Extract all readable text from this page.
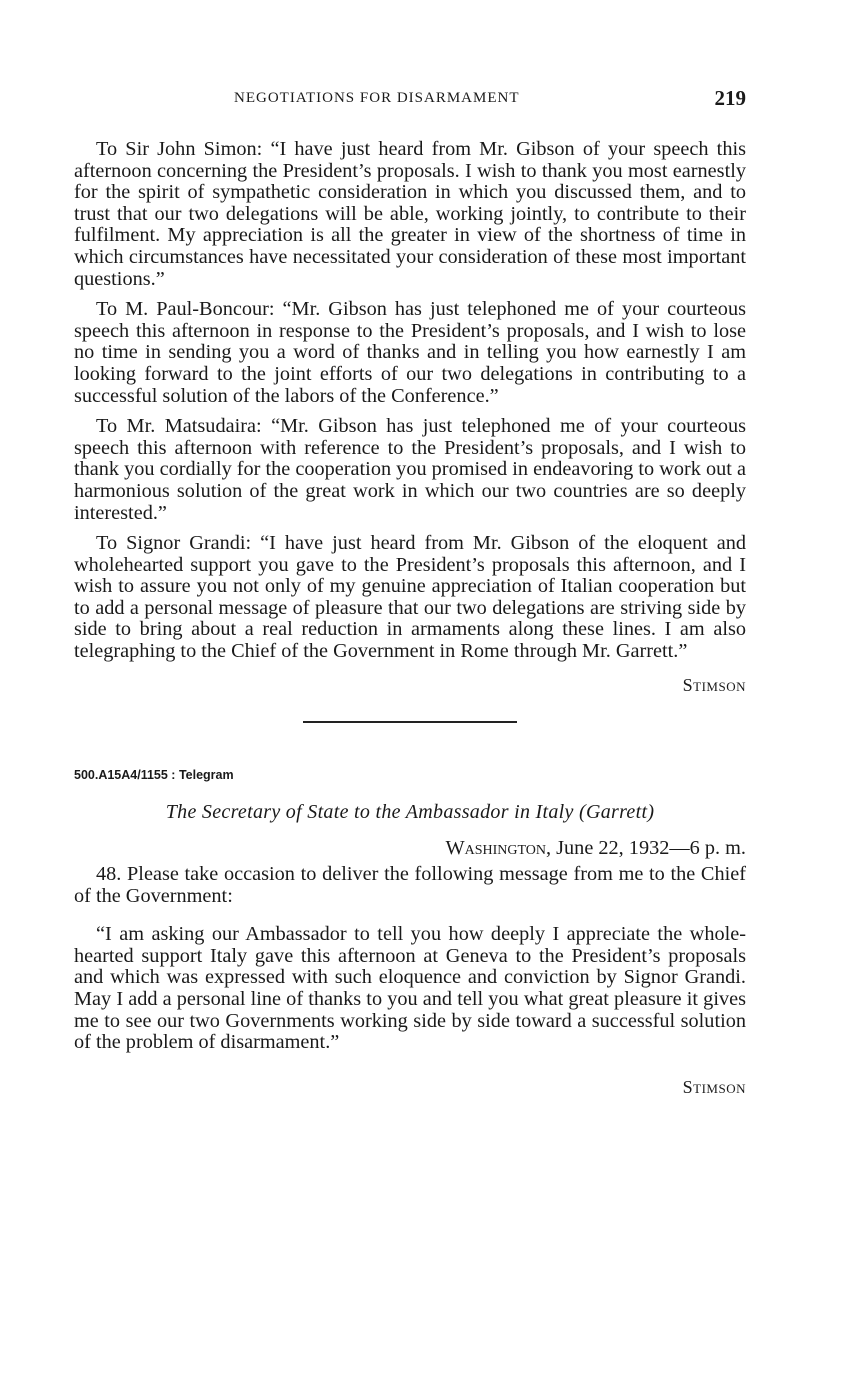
NEGOTIATIONS FOR DISARMAMENT	219

To Sir John Simon: “I have just heard from Mr. Gibson of your speech this afternoon concerning the President’s proposals. I wish to thank you most earnestly for the spirit of sympathetic consideration in which you discussed them, and to trust that our two delegations will be able, working jointly, to contribute to their fulfilment. My appreciation is all the greater in view of the shortness of time in which circumstances have necessitated your consideration of these most important questions.”

To M. Paul-Boncour: “Mr. Gibson has just telephoned me of your courteous speech this afternoon in response to the President’s proposals, and I wish to lose no time in sending you a word of thanks and in telling you how earnestly I am looking forward to the joint efforts of our two delegations in contributing to a successful solution of the labors of the Conference.”

To Mr. Matsudaira: “Mr. Gibson has just telephoned me of your courteous speech this afternoon with reference to the President’s proposals, and I wish to thank you cordially for the cooperation you promised in endeavoring to work out a harmonious solution of the great work in which our two countries are so deeply interested.”

To Signor Grandi: “I have just heard from Mr. Gibson of the eloquent and wholehearted support you gave to the President’s proposals this afternoon, and I wish to assure you not only of my genuine appreciation of Italian cooperation but to add a personal message of pleasure that our two delegations are striving side by side to bring about a real reduction in armaments along these lines. I am also telegraphing to the Chief of the Government in Rome through Mr. Garrett.”

Stimson

500.A15A4/1155 : Telegram

The Secretary of State to the Ambassador in Italy (Garrett)

Washington, June 22, 1932—6 p. m.

48. Please take occasion to deliver the following message from me to the Chief of the Government:

“I am asking our Ambassador to tell you how deeply I appreciate the whole-hearted support Italy gave this afternoon at Geneva to the President’s proposals and which was expressed with such eloquence and conviction by Signor Grandi. May I add a personal line of thanks to you and tell you what great pleasure it gives me to see our two Governments working side by side toward a successful solution of the problem of disarmament.”

Stimson
